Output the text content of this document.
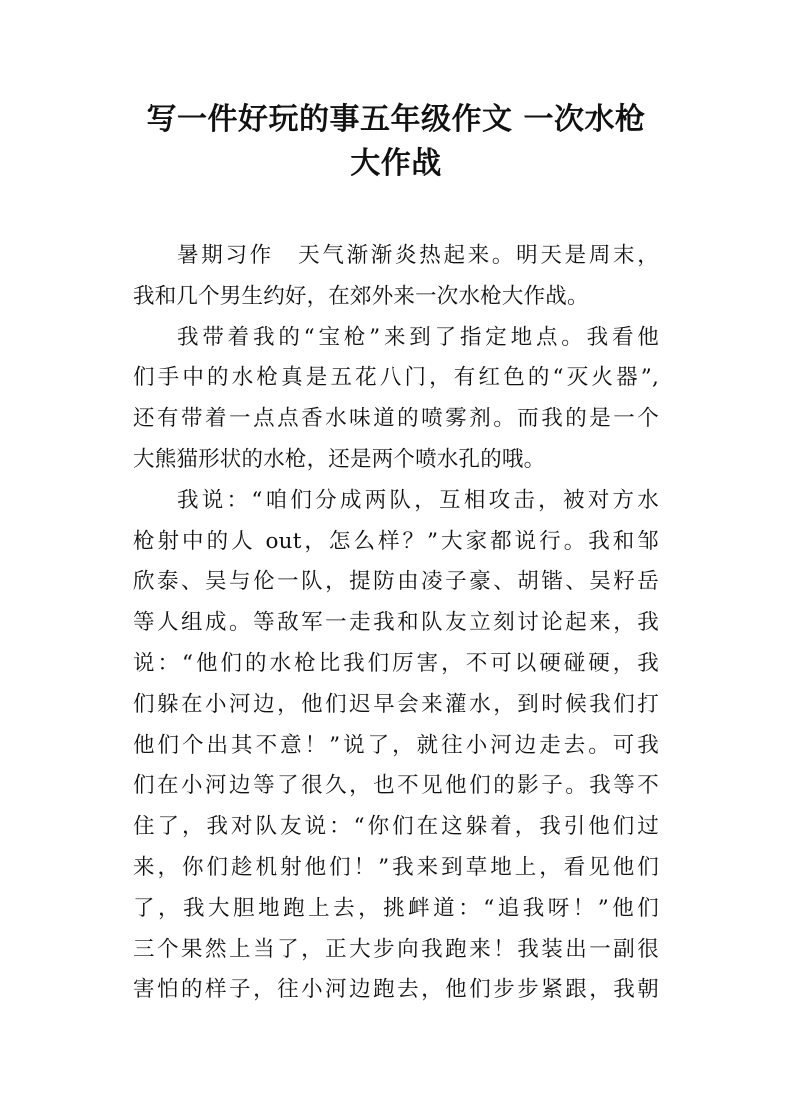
写一件好玩的事五年级作文 一次水枪
大作战
暑期习作　天气渐渐炎热起来。明天是周末，
我和几个男生约好，在郊外来一次水枪大作战。
我带着我的“宝枪”来到了指定地点。我看他
们手中的水枪真是五花八门，有红色的“灭火器”,
还有带着一点点香水味道的喷雾剂。而我的是一个
大熊猫形状的水枪，还是两个喷水孔的哦。
我说：“咱们分成两队，互相攻击，被对方水
枪射中的人 out，怎么样？”大家都说行。我和邹
欣泰、吴与伦一队，提防由凌子豪、胡锴、吴籽岳
等人组成。等敌军一走我和队友立刻讨论起来，我
说：“他们的水枪比我们厉害，不可以硬碰硬，我
们躲在小河边，他们迟早会来灌水，到时候我们打
他们个出其不意！”说了，就往小河边走去。可我
们在小河边等了很久，也不见他们的影子。我等不
住了，我对队友说：“你们在这躲着，我引他们过
来，你们趁机射他们！”我来到草地上，看见他们
了，我大胆地跑上去，挑衅道：“追我呀！”他们
三个果然上当了，正大步向我跑来！我装出一副很
害怕的样子，往小河边跑去，他们步步紧跟，我朝
